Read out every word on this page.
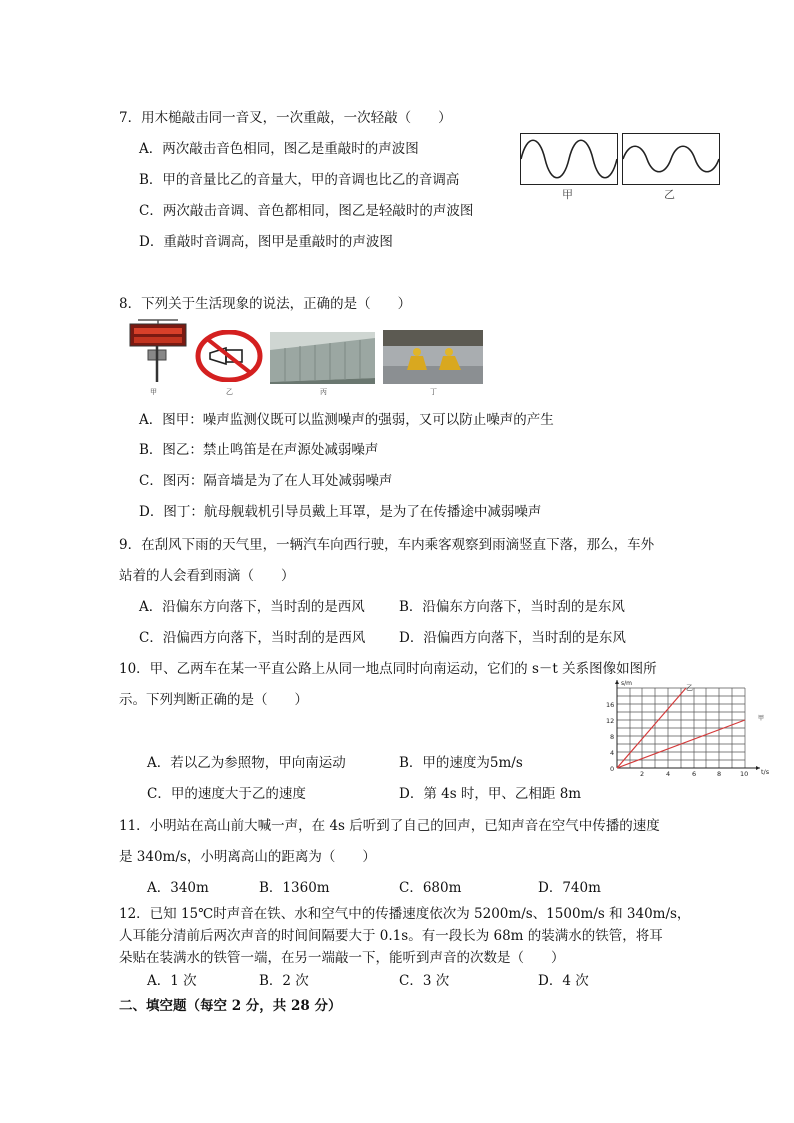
7．用木槌敲击同一音叉，一次重敲，一次轻敲（　　）
A．两次敲击音色相同，图乙是重敲时的声波图
B．甲的音量比乙的音量大，甲的音调也比乙的音调高
C．两次敲击音调、音色都相同，图乙是轻敲时的声波图
D．重敲时音调高，图甲是重敲时的声波图
甲	乙
8．下列关于生活现象的说法，正确的是（　　）
甲	乙	丙	丁
A．图甲：噪声监测仪既可以监测噪声的强弱，又可以防止噪声的产生
B．图乙：禁止鸣笛是在声源处减弱噪声
C．图丙：隔音墙是为了在人耳处减弱噪声
D．图丁：航母舰载机引导员戴上耳罩，是为了在传播途中减弱噪声
9．在刮风下雨的天气里，一辆汽车向西行驶，车内乘客观察到雨滴竖直下落，那么，车外
站着的人会看到雨滴（　　）
A．沿偏东方向落下，当时刮的是西风	B．沿偏东方向落下，当时刮的是东风
C．沿偏西方向落下，当时刮的是西风 D．沿偏西方向落下，当时刮的是东风
10．甲、乙两车在某一平直公路上从同一地点同时向南运动，它们的 s－t 关系图像如图所
示。下列判断正确的是（　　）
s/m
t/s
0
4
8
12
16
2	4	6	8	10
乙
甲
A．若以乙为参照物，甲向南运动	B．甲的速度为5m/s
C．甲的速度大于乙的速度	D．第 4s 时，甲、乙相距 8m
11．小明站在高山前大喊一声，在 4s 后听到了自己的回声，已知声音在空气中传播的速度
是 340m/s，小明离高山的距离为（　　）
A．340m	B．1360m	C．680m	D．740m
12．已知 15℃时声音在铁、水和空气中的传播速度依次为 5200m/s、1500m/s 和 340m/s，
人耳能分清前后两次声音的时间间隔要大于 0.1s。有一段长为 68m 的装满水的铁管，将耳
朵贴在装满水的铁管一端，在另一端敲一下，能听到声音的次数是（　　）
A．1 次	B．2 次	C．3 次	D．4 次
二、填空题（每空 2 分，共 28 分）
